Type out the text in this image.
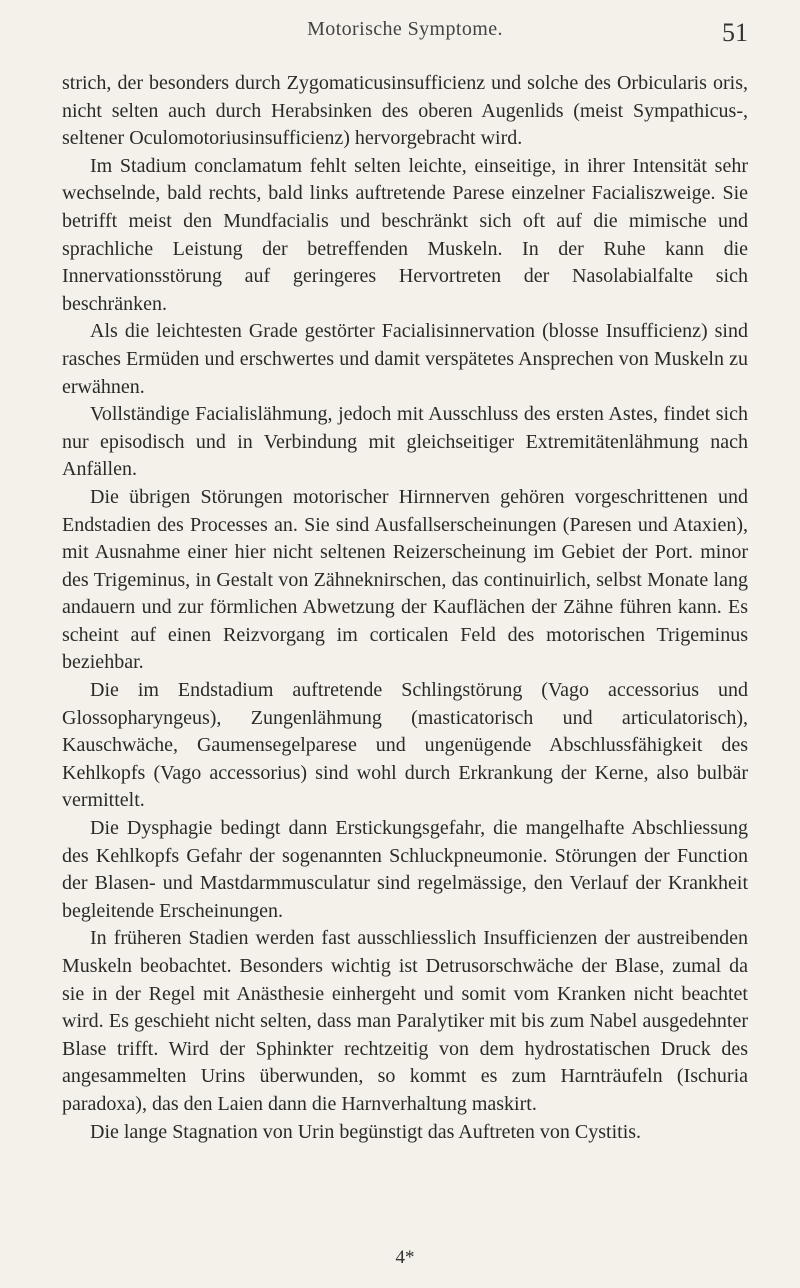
Motorische Symptome.	51

strich, der besonders durch Zygomaticusinsufficienz und solche des Orbicularis oris, nicht selten auch durch Herabsinken des oberen Augenlids (meist Sympathicus-, seltener Oculomotoriusinsufficienz) hervorgebracht wird.

Im Stadium conclamatum fehlt selten leichte, einseitige, in ihrer Intensität sehr wechselnde, bald rechts, bald links auftretende Parese einzelner Facialiszweige. Sie betrifft meist den Mundfacialis und beschränkt sich oft auf die mimische und sprachliche Leistung der betreffenden Muskeln. In der Ruhe kann die Innervationsstörung auf geringeres Hervortreten der Nasolabialfalte sich beschränken.

Als die leichtesten Grade gestörter Facialisinnervation (blosse Insufficienz) sind rasches Ermüden und erschwertes und damit verspätetes Ansprechen von Muskeln zu erwähnen.

Vollständige Facialislähmung, jedoch mit Ausschluss des ersten Astes, findet sich nur episodisch und in Verbindung mit gleichseitiger Extremitätenlähmung nach Anfällen.

Die übrigen Störungen motorischer Hirnnerven gehören vorgeschrittenen und Endstadien des Processes an. Sie sind Ausfallserscheinungen (Paresen und Ataxien), mit Ausnahme einer hier nicht seltenen Reizerscheinung im Gebiet der Port. minor des Trigeminus, in Gestalt von Zähneknirschen, das continuirlich, selbst Monate lang andauern und zur förmlichen Abwetzung der Kauflächen der Zähne führen kann. Es scheint auf einen Reizvorgang im corticalen Feld des motorischen Trigeminus beziehbar.

Die im Endstadium auftretende Schlingstörung (Vago accessorius und Glossopharyngeus), Zungenlähmung (masticatorisch und articulatorisch), Kauschwäche, Gaumensegelparese und ungenügende Abschlussfähigkeit des Kehlkopfs (Vago accessorius) sind wohl durch Erkrankung der Kerne, also bulbär vermittelt.

Die Dysphagie bedingt dann Erstickungsgefahr, die mangelhafte Abschliessung des Kehlkopfs Gefahr der sogenannten Schluckpneumonie. Störungen der Function der Blasen- und Mastdarmmusculatur sind regelmässige, den Verlauf der Krankheit begleitende Erscheinungen.

In früheren Stadien werden fast ausschliesslich Insufficienzen der austreibenden Muskeln beobachtet. Besonders wichtig ist Detrusorschwäche der Blase, zumal da sie in der Regel mit Anästhesie einhergeht und somit vom Kranken nicht beachtet wird. Es geschieht nicht selten, dass man Paralytiker mit bis zum Nabel ausgedehnter Blase trifft. Wird der Sphinkter rechtzeitig von dem hydrostatischen Druck des angesammelten Urins überwunden, so kommt es zum Harnträufeln (Ischuria paradoxa), das den Laien dann die Harnverhaltung maskirt.

Die lange Stagnation von Urin begünstigt das Auftreten von Cystitis.

4*
